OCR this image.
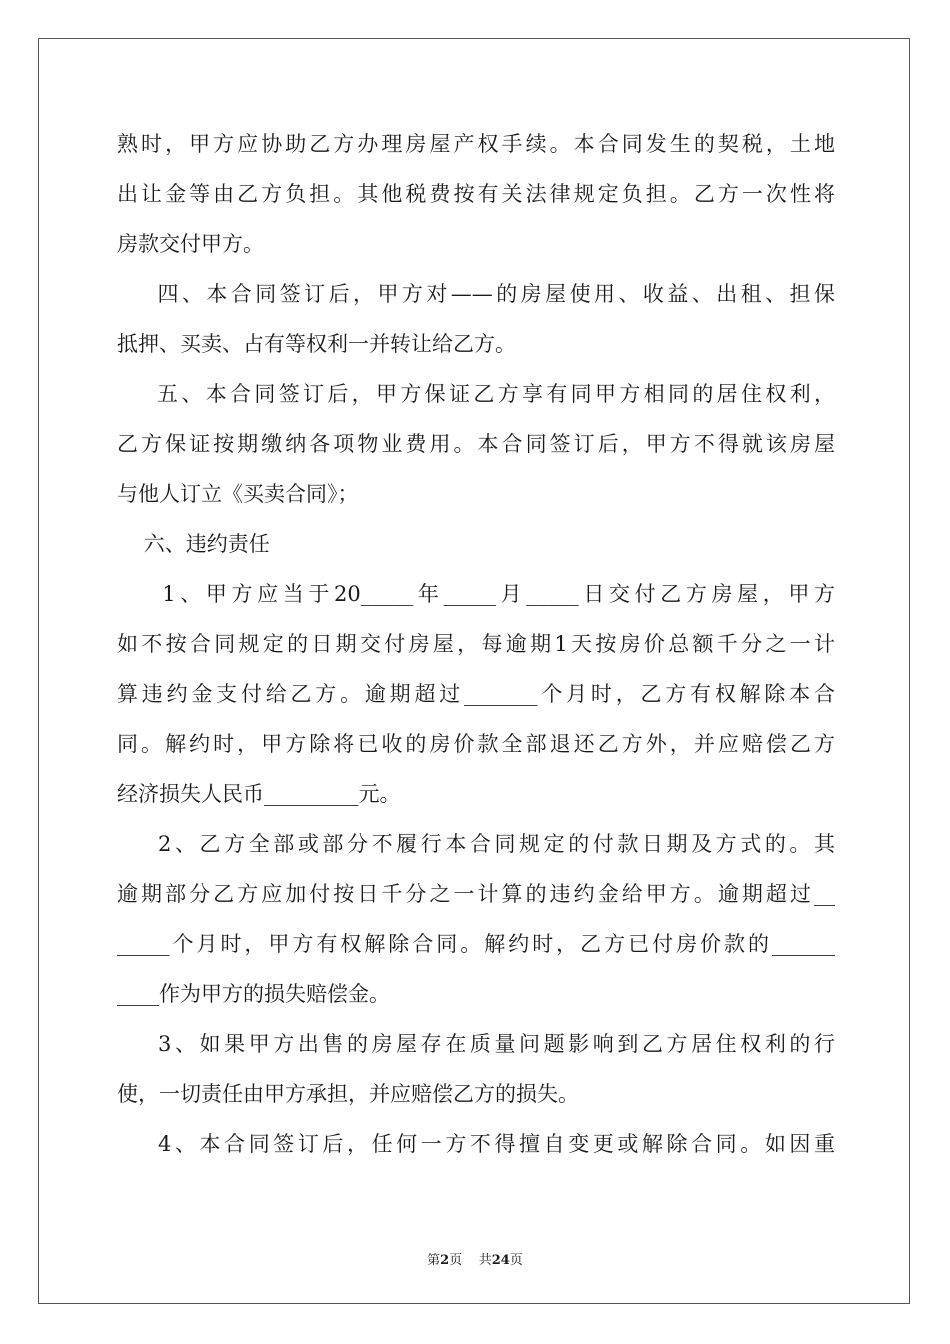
熟时，甲方应协助乙方办理房屋产权手续。本合同发生的契税，土地
出让金等由乙方负担。其他税费按有关法律规定负担。乙方一次性将
房款交付甲方。
四、本合同签订后，甲方对——的房屋使用、收益、出租、担保
抵押、买卖、占有等权利一并转让给乙方。
五、本合同签订后，甲方保证乙方享有同甲方相同的居住权利，
乙方保证按期缴纳各项物业费用。本合同签订后，甲方不得就该房屋
与他人订立《买卖合同》；
六、违约责任
1、甲方应当于20_____年_____月_____日交付乙方房屋，甲方
如不按合同规定的日期交付房屋，每逾期1天按房价总额千分之一计
算违约金支付给乙方。逾期超过_______个月时，乙方有权解除本合
同。解约时，甲方除将已收的房价款全部退还乙方外，并应赔偿乙方
经济损失人民币_________元。
2、乙方全部或部分不履行本合同规定的付款日期及方式的。其
逾期部分乙方应加付按日千分之一计算的违约金给甲方。逾期超过__
_____个月时，甲方有权解除合同。解约时，乙方已付房价款的______
____作为甲方的损失赔偿金。
3、如果甲方出售的房屋存在质量问题影响到乙方居住权利的行
使，一切责任由甲方承担，并应赔偿乙方的损失。
4、本合同签订后，任何一方不得擅自变更或解除合同。如因重
第2页    共24页
